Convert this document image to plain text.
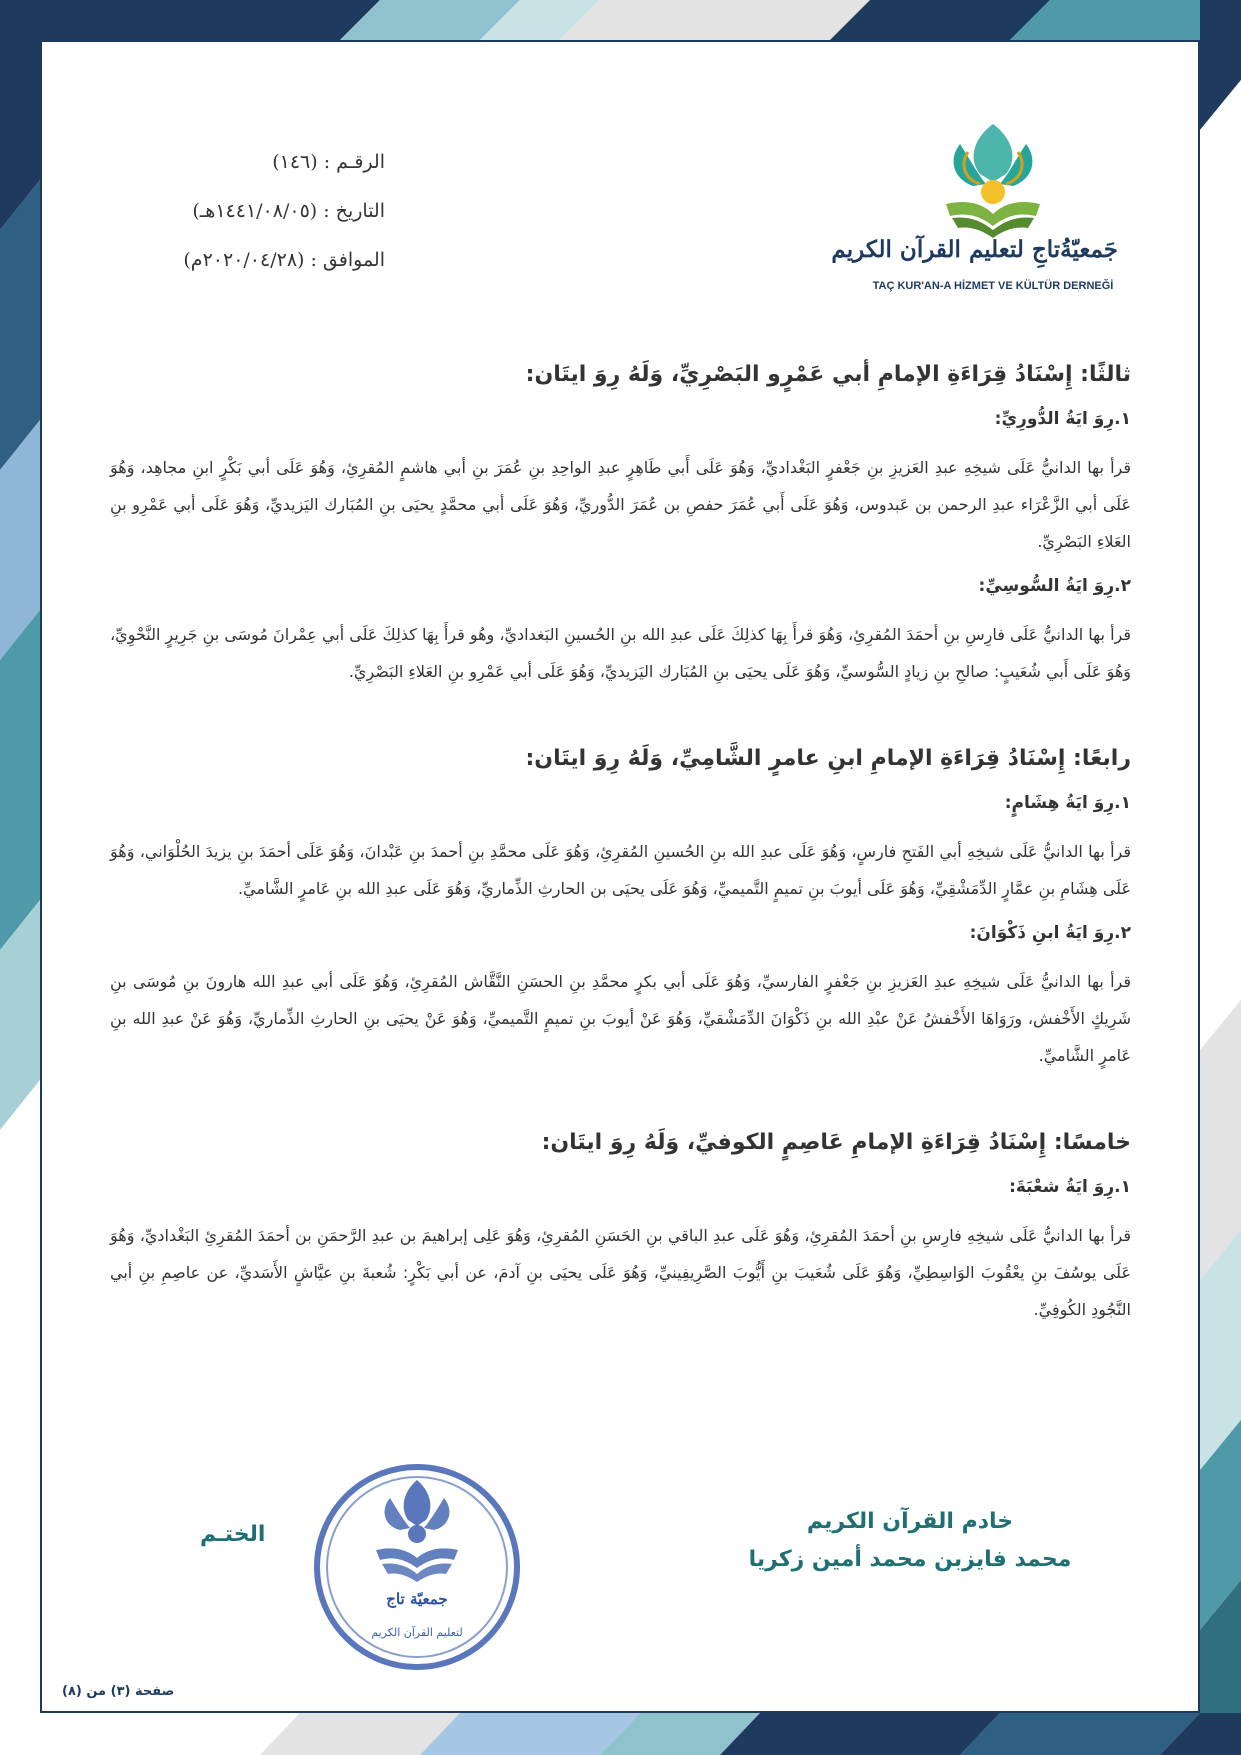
الرقـم : (١٤٦)
التاريخ : (١٤٤١/٠٨/٠٥هـ)
الموافق : (٢٠٢٠/٠٤/٢٨م)	جَمعيّةُتاجِ لتعليم القرآن الكريم
TAÇ KUR'AN-A HİZMET VE KÜLTÜR DERNEĞİ
ثالثًا: إِسْنَادُ قِرَاءَةِ الإمامِ أبي عَمْرٍو البَصْرِيِّ، وَلَهُ رِوَ ايتَان:
١.رِوَ ايَةُ الدُّورِيِّ:
قرأ بها الدانيُّ عَلَى شيخِهِ عبدِ العَزيزِ بنِ جَعْفرٍ البَغْداديِّ، وَهُوَ عَلَى أَبي طَاهِرٍ عبدِ الواحِدِ بنِ عُمَرَ بنِ أبي هاشمٍ المُقرِئِ، وَهُوَ عَلَى أبي بَكْرٍ ابنِ مجاهِد، وَهُوَ عَلَى أبي الزَّعْرَاء عبدِ الرحمن بن عَبدوس، وَهُوَ عَلَى أَبي عُمَرَ حفصِ بن عُمَرَ الدُّوريِّ، وَهُوَ عَلَى أبي محمَّدٍ يحيَى بنِ المُبَارك اليَزيديِّ، وَهُوَ عَلَى أبي عَمْرِو بنِ العَلاءِ البَصْرِيِّ.
٢.رِوَ ايَةُ السُّوسِيِّ:
قرأ بها الدانيُّ عَلَى فارِسِ بنِ أحمَدَ المُقرِئِ، وَهُوَ قرأَ بِهَا كذلِكَ عَلَى عبدِ الله بنِ الحُسينِ البَغداديِّ، وهُو قرأَ بِهَا كذلِكَ عَلَى أبي عِمْرانَ مُوسَى بنِ جَرِيرٍ النَّحْوِيِّ، وَهُوَ عَلَى أَبي شُعَيبٍ: صالحِ بنِ زيادٍ السُّوسيِّ، وَهُوَ عَلَى يحيَى بنِ المُبَارك اليَزيديِّ، وَهُوَ عَلَى أبي عَمْرِو بنِ العَلاءِ البَصْرِيِّ.
رابعًا: إِسْنَادُ قِرَاءَةِ الإمامِ ابنِ عامرٍ الشَّامِيِّ، وَلَهُ رِوَ ايتَان:
١.رِوَ ايَةُ هِشَامٍ:
قرأ بها الدانيُّ عَلَى شيخِهِ أبي الفَتحِ فارسٍ، وَهُوَ عَلَى عبدِ الله بنِ الحُسينِ المُقرِئِ، وَهُوَ عَلَى محمَّدِ بنِ أحمدَ بنِ عَبْدانَ، وَهُوَ عَلَى أحمَدَ بنِ يزيدَ الحُلْوَاني، وَهُوَ عَلَى هِشَامِ بنِ عمَّارٍ الدِّمَشْقِيِّ، وَهُوَ عَلَى أيوبَ بنِ تميمٍ التَّميميِّ، وَهُوَ عَلَى يحيَى بن الحارثِ الذِّماريِّ، وَهُوَ عَلَى عبدِ الله بنِ عَامرٍ الشَّاميِّ.
٢.رِوَ ايَةُ ابنِ ذَكْوَانَ:
قرأ بها الدانيُّ عَلَى شيخِهِ عبدِ العَزيزِ بنِ جَعْفرٍ الفارسيِّ، وَهُوَ عَلَى أبي بكرٍ محمَّدِ بنِ الحسَنِ النَّقَّاش المُقرِئِ، وَهُوَ عَلَى أبي عبدِ الله هارونَ بنِ مُوسَى بنِ شَرِيكٍ الأَخْفش، ورَوَاهَا الأَخْفشُ عَنْ عبْدِ الله بنِ ذَكْوَانَ الدِّمَشْقيِّ، وَهُوَ عَنْ أيوبَ بنِ تميمٍ التَّميميِّ، وَهُوَ عَنْ يحيَى بنِ الحارثِ الذِّماريِّ، وَهُوَ عَنْ عبدِ الله بنِ عَامرٍ الشَّاميِّ.
خامسًا: إِسْنَادُ قِرَاءَةِ الإمامِ عَاصِمٍ الكوفيِّ، وَلَهُ رِوَ ايتَان:
١.رِوَ ايَةُ شعْبَةَ:
قرأ بها الدانيُّ عَلَى شيخِهِ فارِسِ بنِ أحمَدَ المُقرِئِ، وَهُوَ عَلَى عبدِ الباقي بنِ الحَسَنِ المُقرِئِ، وَهُوَ عَلِى إبراهيمَ بن عبدِ الرَّحمَنِ بن أحمَدَ المُقرِئِ البَغْداديِّ، وَهُوَ عَلَى يوسُفَ بنِ يعْقُوبَ الوَاسِطِيِّ، وَهُوَ عَلَى شُعَيبَ بنِ أَيُّوبَ الصَّرِيفِينيِّ، وَهُوَ عَلَى يحيَى بنِ آدمَ، عن أبي بَكْرٍ: شُعبةَ بنِ عيَّاشٍ الأَسَديِّ، عن عاصِمِ بنِ أبي النَّجُودِ الكُوفِيِّ.
خادم القرآن الكريم
محمد فايزبن محمد أمين زكريا
الختـم
جمعيّة تاج
لتعليم القرآن الكريم
صفحة (٣) من (٨)
